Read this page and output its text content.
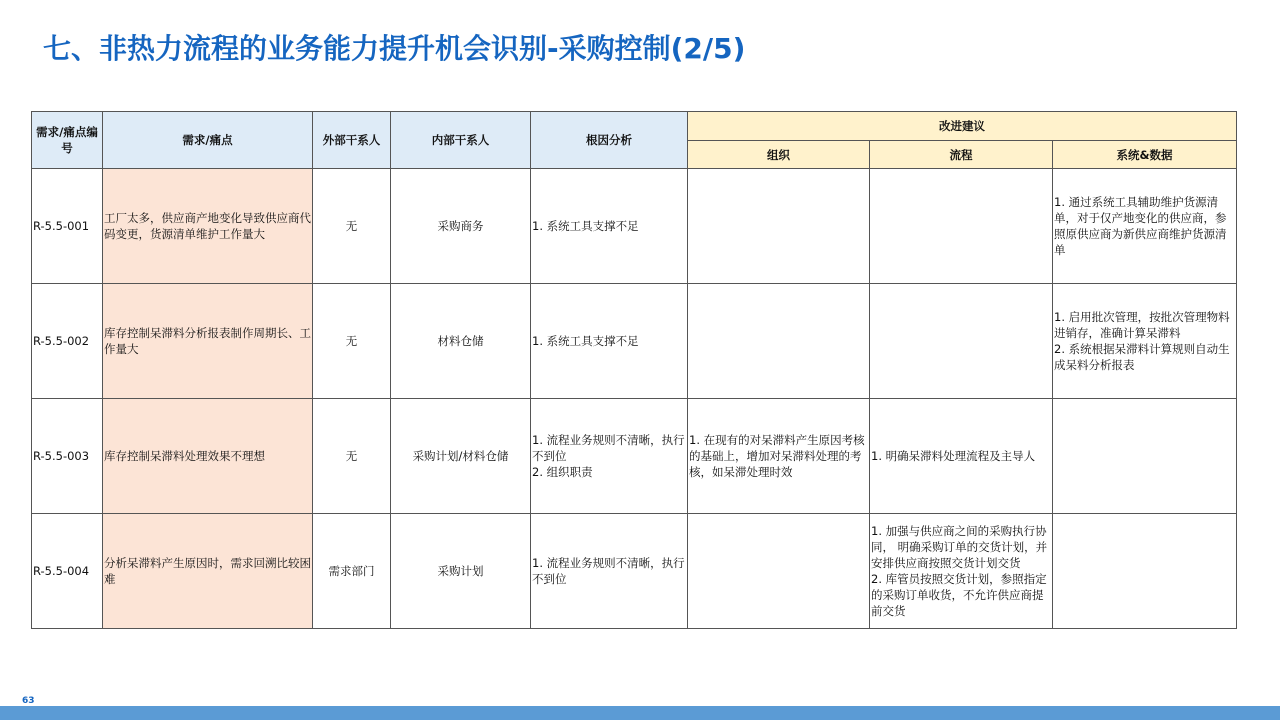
七、非热力流程的业务能力提升机会识别-采购控制(2/5)
需求/痛点编号	需求/痛点	外部干系人	内部干系人	根因分析	改进建议		
					组织	流程	系统&数据
R-5.5-001	工厂太多，供应商产地变化导致供应商代码变更，货源清单维护工作量大	无	采购商务	1. 系统工具支撑不足			1. 通过系统工具辅助维护货源清单，对于仅产地变化的供应商，参照原供应商为新供应商维护货源清单
R-5.5-002	库存控制呆滞料分析报表制作周期长、工作量大	无	材料仓储	1. 系统工具支撑不足			1. 启用批次管理，按批次管理物料进销存，准确计算呆滞料
2. 系统根据呆滞料计算规则自动生成呆料分析报表
R-5.5-003	库存控制呆滞料处理效果不理想	无	采购计划/材料仓储	1. 流程业务规则不清晰，执行不到位
2. 组织职责	1. 在现有的对呆滞料产生原因考核的基础上，增加对呆滞料处理的考核，如呆滞处理时效	1. 明确呆滞料处理流程及主导人	
R-5.5-004	分析呆滞料产生原因时，需求回溯比较困难	需求部门	采购计划	1. 流程业务规则不清晰，执行不到位		1. 加强与供应商之间的采购执行协同， 明确采购订单的交货计划，并安排供应商按照交货计划交货
2. 库管员按照交货计划，参照指定的采购订单收货，不允许供应商提前交货	
63
